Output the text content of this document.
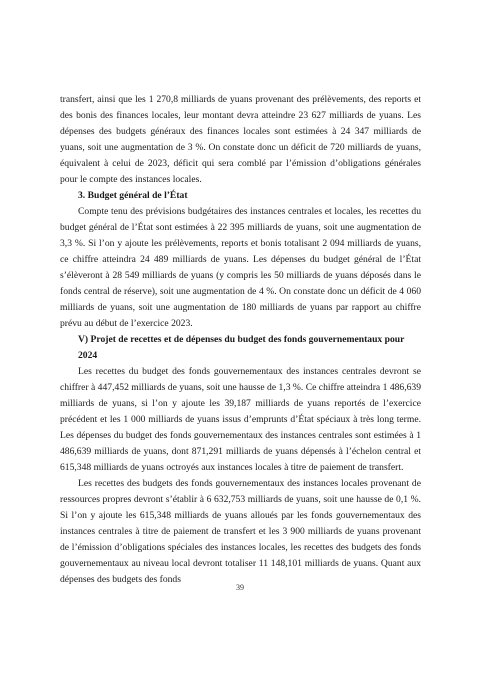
transfert, ainsi que les 1 270,8 milliards de yuans provenant des prélèvements, des reports et des bonis des finances locales, leur montant devra atteindre 23 627 milliards de yuans. Les dépenses des budgets généraux des finances locales sont estimées à 24 347 milliards de yuans, soit une augmentation de 3 %. On constate donc un déficit de 720 milliards de yuans, équivalent à celui de 2023, déficit qui sera comblé par l’émission d’obligations générales pour le compte des instances locales.

3. Budget général de l’État

Compte tenu des prévisions budgétaires des instances centrales et locales, les recettes du budget général de l’État sont estimées à 22 395 milliards de yuans, soit une augmentation de 3,3 %. Si l’on y ajoute les prélèvements, reports et bonis totalisant 2 094 milliards de yuans, ce chiffre atteindra 24 489 milliards de yuans. Les dépenses du budget général de l’État s’élèveront à 28 549 milliards de yuans (y compris les 50 milliards de yuans déposés dans le fonds central de réserve), soit une augmentation de 4 %. On constate donc un déficit de 4 060 milliards de yuans, soit une augmentation de 180 milliards de yuans par rapport au chiffre prévu au début de l’exercice 2023.

V) Projet de recettes et de dépenses du budget des fonds gouvernementaux pour 2024

Les recettes du budget des fonds gouvernementaux des instances centrales devront se chiffrer à 447,452 milliards de yuans, soit une hausse de 1,3 %. Ce chiffre atteindra 1 486,639 milliards de yuans, si l’on y ajoute les 39,187 milliards de yuans reportés de l’exercice précédent et les 1 000 milliards de yuans issus d’emprunts d’État spéciaux à très long terme. Les dépenses du budget des fonds gouvernementaux des instances centrales sont estimées à 1 486,639 milliards de yuans, dont 871,291 milliards de yuans dépensés à l’échelon central et 615,348 milliards de yuans octroyés aux instances locales à titre de paiement de transfert.

Les recettes des budgets des fonds gouvernementaux des instances locales provenant de ressources propres devront s’établir à 6 632,753 milliards de yuans, soit une hausse de 0,1 %. Si l’on y ajoute les 615,348 milliards de yuans alloués par les fonds gouvernementaux des instances centrales à titre de paiement de transfert et les 3 900 milliards de yuans provenant de l’émission d’obligations spéciales des instances locales, les recettes des budgets des fonds gouvernementaux au niveau local devront totaliser 11 148,101 milliards de yuans. Quant aux dépenses des budgets des fonds

39
